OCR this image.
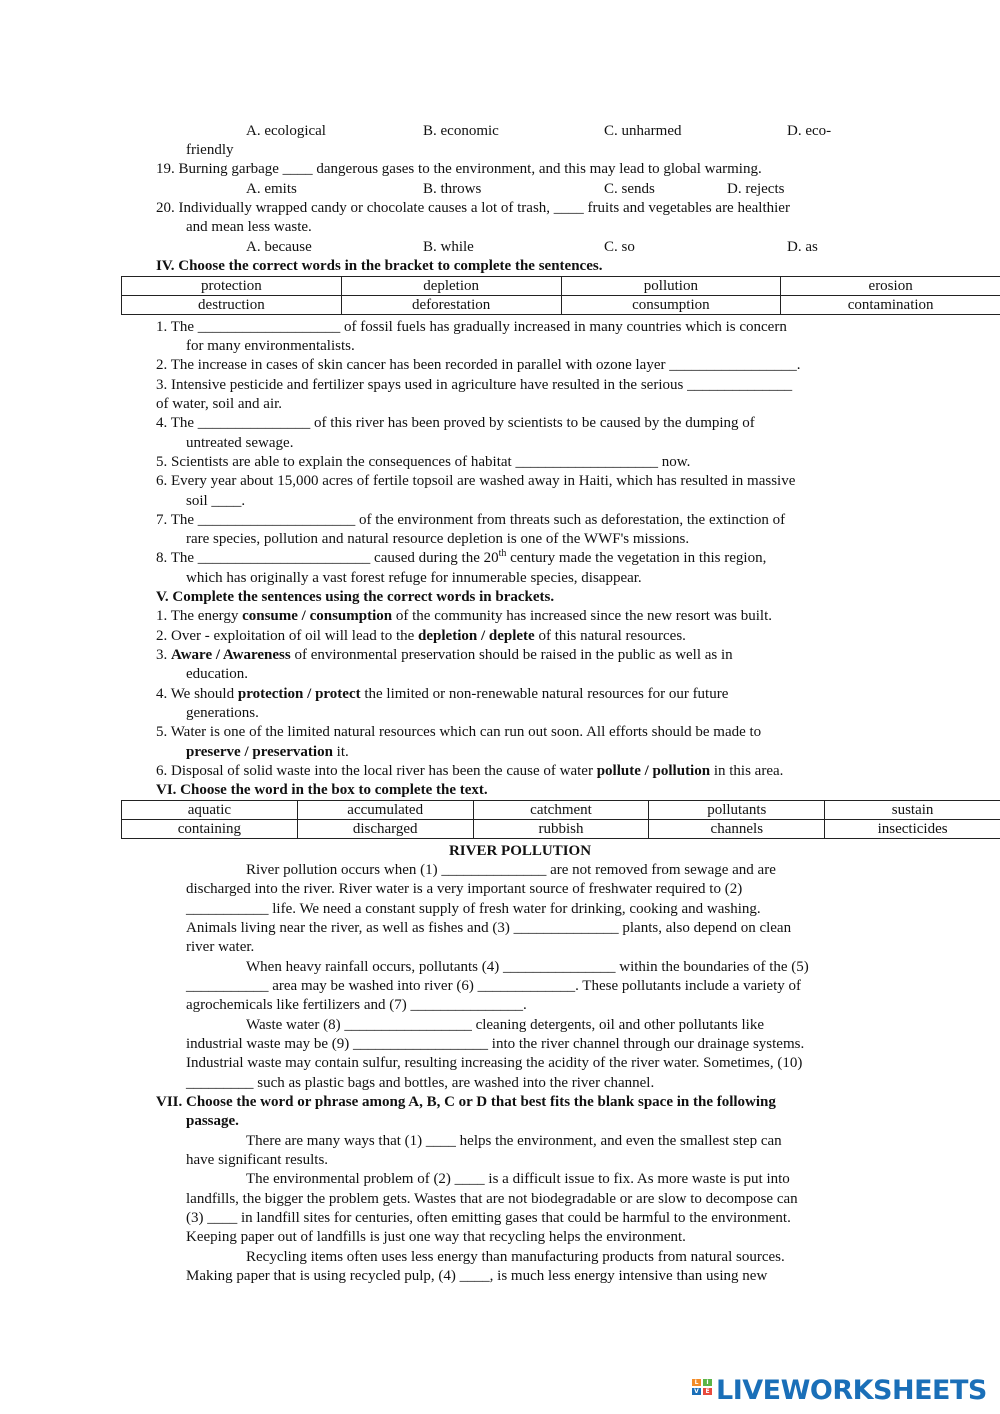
A. ecological	B. economic	C. unharmed	D. eco-
friendly
19. Burning garbage ____ dangerous gases to the environment, and this may lead to global warming.
A. emits	B. throws	C. sends	D. rejects
20. Individually wrapped candy or chocolate causes a lot of trash, ____ fruits and vegetables are healthier
and mean less waste.
A. because	B. while	C. so	D. as
IV. Choose the correct words in the bracket to complete the sentences.
protection	depletion	pollution	erosion
destruction	deforestation	consumption	contamination
1. The ___________________ of fossil fuels has gradually increased in many countries which is concern
for many environmentalists.
2. The increase in cases of skin cancer has been recorded in parallel with ozone layer _________________.
3. Intensive pesticide and fertilizer spays used in agriculture have resulted in the serious ______________
of water, soil and air.
4. The _______________ of this river has been proved by scientists to be caused by the dumping of
untreated sewage.
5. Scientists are able to explain the consequences of habitat ___________________ now.
6. Every year about 15,000 acres of fertile topsoil are washed away in Haiti, which has resulted in massive
soil ____.
7. The _____________________ of the environment from threats such as deforestation, the extinction of
rare species, pollution and natural resource depletion is one of the WWF's missions.
8. The _______________________ caused during the 20th century made the vegetation in this region,
which has originally a vast forest refuge for innumerable species, disappear.
V. Complete the sentences using the correct words in brackets.
1. The energy consume / consumption of the community has increased since the new resort was built.
2. Over - exploitation of oil will lead to the depletion / deplete of this natural resources.
3. Aware / Awareness of environmental preservation should be raised in the public as well as in
education.
4. We should protection / protect the limited or non-renewable natural resources for our future
generations.
5. Water is one of the limited natural resources which can run out soon. All efforts should be made to
preserve / preservation it.
6. Disposal of solid waste into the local river has been the cause of water pollute / pollution in this area.
VI. Choose the word in the box to complete the text.
aquatic	accumulated	catchment	pollutants	sustain
containing	discharged	rubbish	channels	insecticides
RIVER POLLUTION
River pollution occurs when (1) ______________ are not removed from sewage and are
discharged into the river. River water is a very important source of freshwater required to (2)
___________ life. We need a constant supply of fresh water for drinking, cooking and washing.
Animals living near the river, as well as fishes and (3) ______________ plants, also depend on clean
river water.
When heavy rainfall occurs, pollutants (4) _______________ within the boundaries of the (5)
___________ area may be washed into river (6) _____________. These pollutants include a variety of
agrochemicals like fertilizers and (7) _______________.
Waste water (8) _________________ cleaning detergents, oil and other pollutants like
industrial waste may be (9) __________________ into the river channel through our drainage systems.
Industrial waste may contain sulfur, resulting increasing the acidity of the river water. Sometimes, (10)
_________ such as plastic bags and bottles, are washed into the river channel.
VII. Choose the word or phrase among A, B, C or D that best fits the blank space in the following
passage.
There are many ways that (1) ____ helps the environment, and even the smallest step can
have significant results.
The environmental problem of (2) ____ is a difficult issue to fix. As more waste is put into
landfills, the bigger the problem gets. Wastes that are not biodegradable or are slow to decompose can
(3) ____ in landfill sites for centuries, often emitting gases that could be harmful to the environment.
Keeping paper out of landfills is just one way that recycling helps the environment.
Recycling items often uses less energy than manufacturing products from natural sources.
Making paper that is using recycled pulp, (4) ____, is much less energy intensive than using new
L	I
V	E LIVEWORKSHEETS
